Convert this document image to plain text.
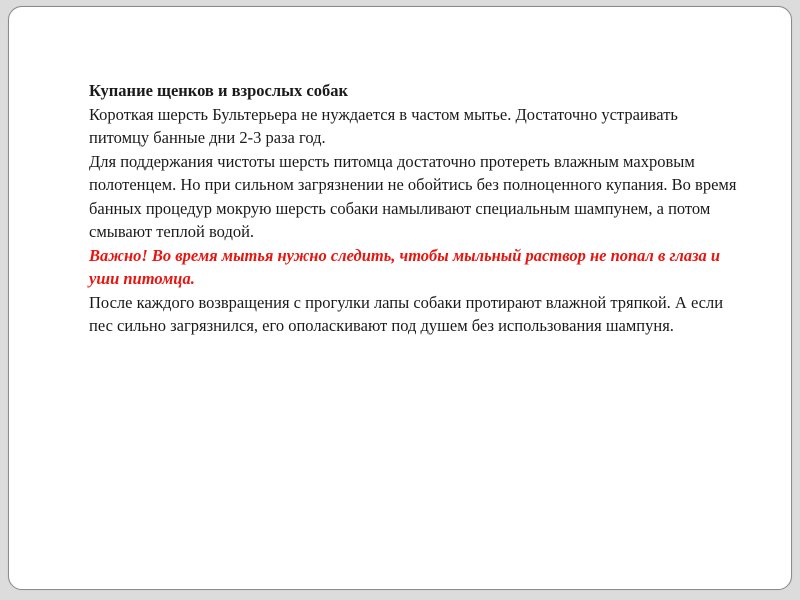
Купание щенков и взрослых собак

Короткая шерсть Бультерьера не нуждается в частом мытье. Достаточно устраивать питомцу банные дни 2-3 раза год.

Для поддержания чистоты шерсть питомца достаточно протереть влажным махровым полотенцем. Но при сильном загрязнении не обойтись без полноценного купания. Во время банных процедур мокрую шерсть собаки намыливают специальным шампунем, а потом смывают теплой водой.

Важно! Во время мытья нужно следить, чтобы мыльный раствор не попал в глаза и уши питомца.

После каждого возвращения с прогулки лапы собаки протирают влажной тряпкой. А если пес сильно загрязнился, его ополаскивают под душем без использования шампуня.
